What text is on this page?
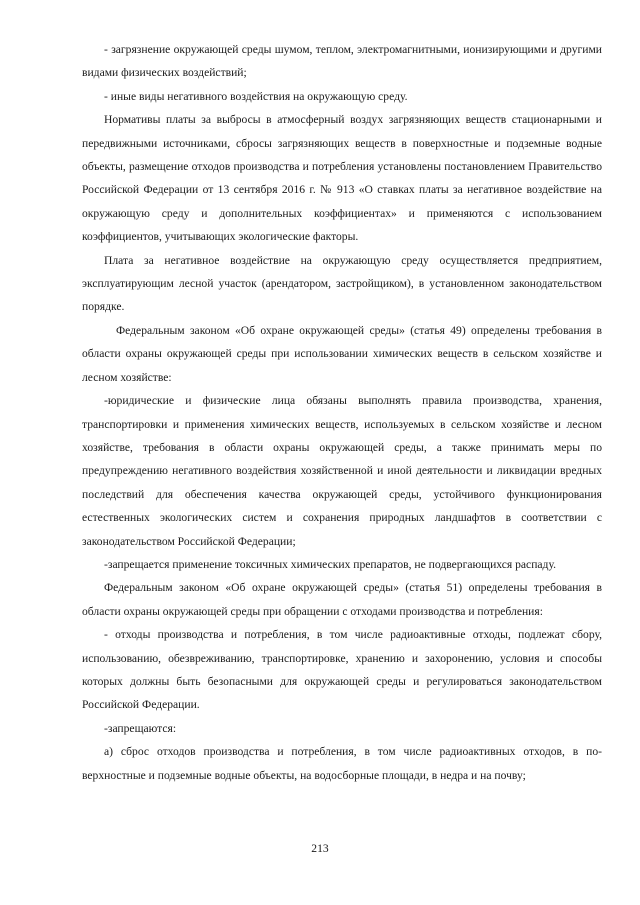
- загрязнение окружающей среды шумом, теплом, электромагнитными, ионизирующими и другими видами физических воздействий;

- иные виды негативного воздействия на окружающую среду.

Нормативы платы за выбросы в атмосферный воздух загрязняющих веществ стационарными и передвижными источниками, сбросы загрязняющих веществ в поверхностные и подземные водные объекты, размещение отходов производства и потребления установлены постановлением Правительство Российской Федерации от 13 сентября 2016 г. № 913 «О ставках платы за негативное воздействие на окружающую среду и дополнительных коэффициентах» и применяются с использованием коэффициентов, учитывающих экологические факторы.

Плата за негативное воздействие на окружающую среду осуществляется предприятием, эксплуатирующим лесной участок (арендатором, застройщиком), в установленном законодательством порядке.

Федеральным законом «Об охране окружающей среды» (статья 49) определены требования в области охраны окружающей среды при использовании химических веществ в сельском хозяйстве и лесном хозяйстве:

-юридические и физические лица обязаны выполнять правила производства, хранения, транспортировки и применения химических веществ, используемых в сельском хозяйстве и лесном хозяйстве, требования в области охраны окружающей среды, а также принимать меры по предупреждению негативного воздействия хозяйственной и иной деятельности и ликвидации вредных последствий для обеспечения качества окружающей среды, устойчивого функционирования естественных экологических систем и сохранения природных ландшафтов в соответствии с законодательством Российской Федерации;

-запрещается применение токсичных химических препаратов, не подвергающихся распаду.

Федеральным законом «Об охране окружающей среды» (статья 51) определены требования в области охраны окружающей среды при обращении с отходами производства и потребления:

- отходы производства и потребления, в том числе радиоактивные отходы, подлежат сбору, использованию, обезвреживанию, транспортировке, хранению и захоронению, условия и способы которых должны быть безопасными для окружающей среды и регулироваться законодательством Российской Федерации.

-запрещаются:

а) сброс отходов производства и потребления, в том числе радиоактивных отходов, в поверхностные и подземные водные объекты, на водосборные площади, в недра и на почву;

213
